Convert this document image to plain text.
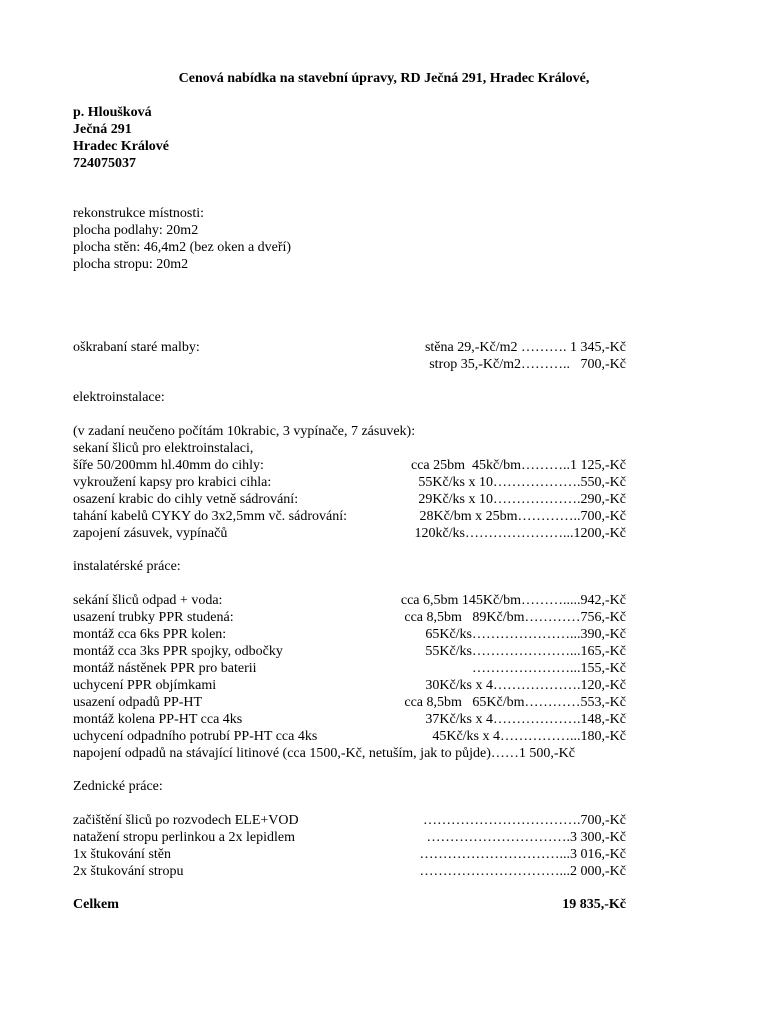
Cenová nabídka na stavební úpravy, RD Ječná 291, Hradec Králové,
p. Hloušková
Ječná 291
Hradec Králové
724075037
rekonstrukce místnosti:
plocha podlahy: 20m2
plocha stěn: 46,4m2 (bez oken a dveří)
plocha stropu: 20m2
oškrabaní staré malby:	stěna 29,-Kč/m2 ………. 1 345,-Kč
strop 35,-Kč/m2………..   700,-Kč
elektroinstalace:
(v zadaní neučeno počítám 10krabic, 3 vypínače, 7 zásuvek):
sekaní šliců pro elektroinstalaci,
šíře 50/200mm hl.40mm do cihly:	cca 25bm  45kč/bm………..1 125,-Kč
vykroužení kapsy pro krabici cihla:	55Kč/ks x 10……………….550,-Kč
osazení krabic do cihly vetně sádrování:	29Kč/ks x 10……………….290,-Kč
tahání kabelů CYKY do 3x2,5mm vč. sádrování:	28Kč/bm x 25bm…………..700,-Kč
zapojení zásuvek, vypínačů	120kč/ks…………………...1200,-Kč
instalatérské práce:
sekání šliců odpad + voda:	cca 6,5bm 145Kč/bm……….....942,-Kč
usazení trubky PPR studená:	cca 8,5bm   89Kč/bm…………756,-Kč
montáž cca 6ks PPR kolen:	65Kč/ks…………………...390,-Kč
montáž cca 3ks PPR spojky, odbočky	55Kč/ks…………………...165,-Kč
montáž nástěnek PPR pro baterii	…………………...155,-Kč
uchycení PPR objímkami	30Kč/ks x 4……………….120,-Kč
usazení odpadů PP-HT	cca 8,5bm   65Kč/bm…………553,-Kč
montáž kolena PP-HT cca 4ks	37Kč/ks x 4……………….148,-Kč
uchycení odpadního potrubí PP-HT cca 4ks	45Kč/ks x 4……………...180,-Kč
napojení odpadů na stávající litinové (cca 1500,-Kč, netuším, jak to půjde)……1 500,-Kč
Zednické práce:
začištění šliců po rozvodech ELE+VOD	…………………………….700,-Kč
natažení stropu perlinkou a 2x lepidlem	………………………….3 300,-Kč
1x štukování stěn	…………………………...3 016,-Kč
2x štukování stropu	…………………………...2 000,-Kč
Celkem	19 835,-Kč
